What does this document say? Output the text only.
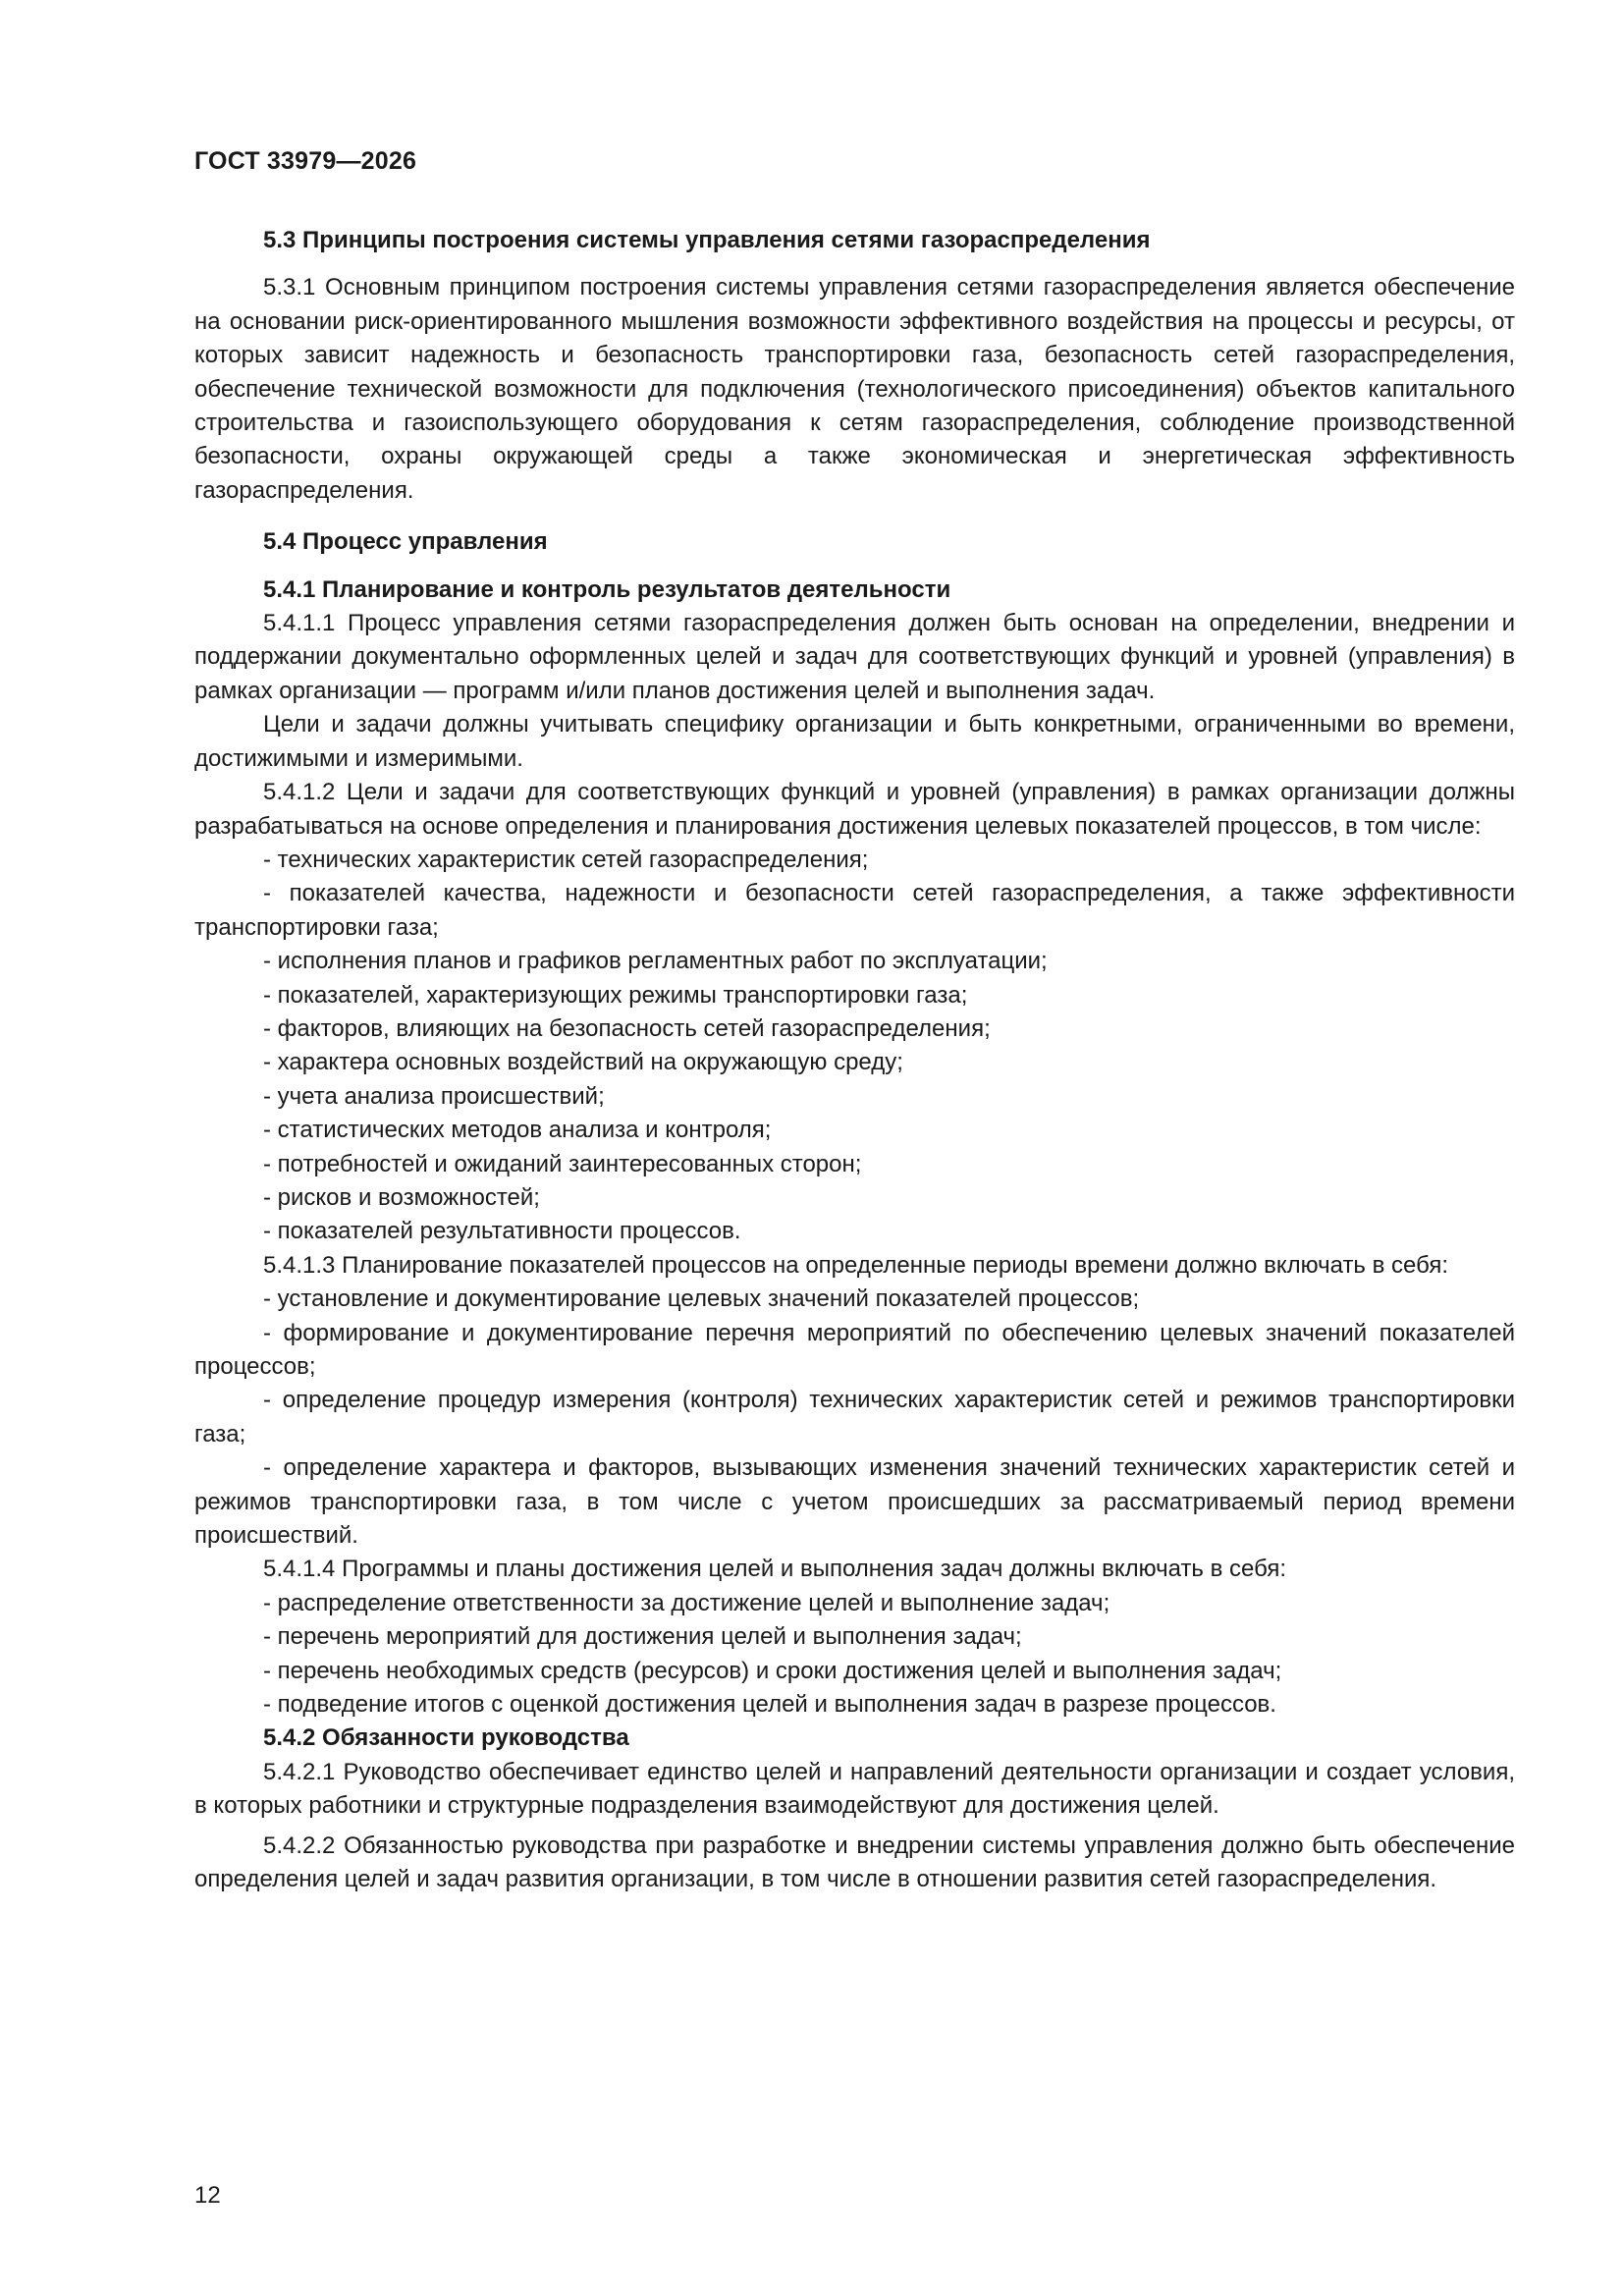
ГОСТ 33979—2026
5.3 Принципы построения системы управления сетями газораспределения

5.3.1 Основным принципом построения системы управления сетями газораспределения является обеспечение на основании риск-ориентированного мышления возможности эффективного воздействия на процессы и ресурсы, от которых зависит надежность и безопасность транспортировки газа, безопасность сетей газораспределения, обеспечение технической возможности для подключения (технологического присоединения) объектов капитального строительства и газоиспользующего оборудования к сетям газораспределения, соблюдение производственной безопасности, охраны окружающей среды а также экономическая и энергетическая эффективность газораспределения.

5.4 Процесс управления
5.4.1 Планирование и контроль результатов деятельности

5.4.1.1 Процесс управления сетями газораспределения должен быть основан на определении, внедрении и поддержании документально оформленных целей и задач для соответствующих функций и уровней (управления) в рамках организации — программ и/или планов достижения целей и выполнения задач.

Цели и задачи должны учитывать специфику организации и быть конкретными, ограниченными во времени, достижимыми и измеримыми.

5.4.1.2 Цели и задачи для соответствующих функций и уровней (управления) в рамках организации должны разрабатываться на основе определения и планирования достижения целевых показателей процессов, в том числе:

- технических характеристик сетей газораспределения;

- показателей качества, надежности и безопасности сетей газораспределения, а также эффективности транспортировки газа;

- исполнения планов и графиков регламентных работ по эксплуатации;

- показателей, характеризующих режимы транспортировки газа;

- факторов, влияющих на безопасность сетей газораспределения;

- характера основных воздействий на окружающую среду;

- учета анализа происшествий;

- статистических методов анализа и контроля;

- потребностей и ожиданий заинтересованных сторон;

- рисков и возможностей;

- показателей результативности процессов.

5.4.1.3 Планирование показателей процессов на определенные периоды времени должно включать в себя:

- установление и документирование целевых значений показателей процессов;

- формирование и документирование перечня мероприятий по обеспечению целевых значений показателей процессов;

- определение процедур измерения (контроля) технических характеристик сетей и режимов транспортировки газа;

- определение характера и факторов, вызывающих изменения значений технических характеристик сетей и режимов транспортировки газа, в том числе с учетом происшедших за рассматриваемый период времени происшествий.

5.4.1.4 Программы и планы достижения целей и выполнения задач должны включать в себя:

- распределение ответственности за достижение целей и выполнение задач;

- перечень мероприятий для достижения целей и выполнения задач;

- перечень необходимых средств (ресурсов) и сроки достижения целей и выполнения задач;

- подведение итогов с оценкой достижения целей и выполнения задач в разрезе процессов.

5.4.2 Обязанности руководства

5.4.2.1 Руководство обеспечивает единство целей и направлений деятельности организации и создает условия, в которых работники и структурные подразделения взаимодействуют для достижения целей.

5.4.2.2 Обязанностью руководства при разработке и внедрении системы управления должно быть обеспечение определения целей и задач развития организации, в том числе в отношении развития сетей газораспределения.

12
